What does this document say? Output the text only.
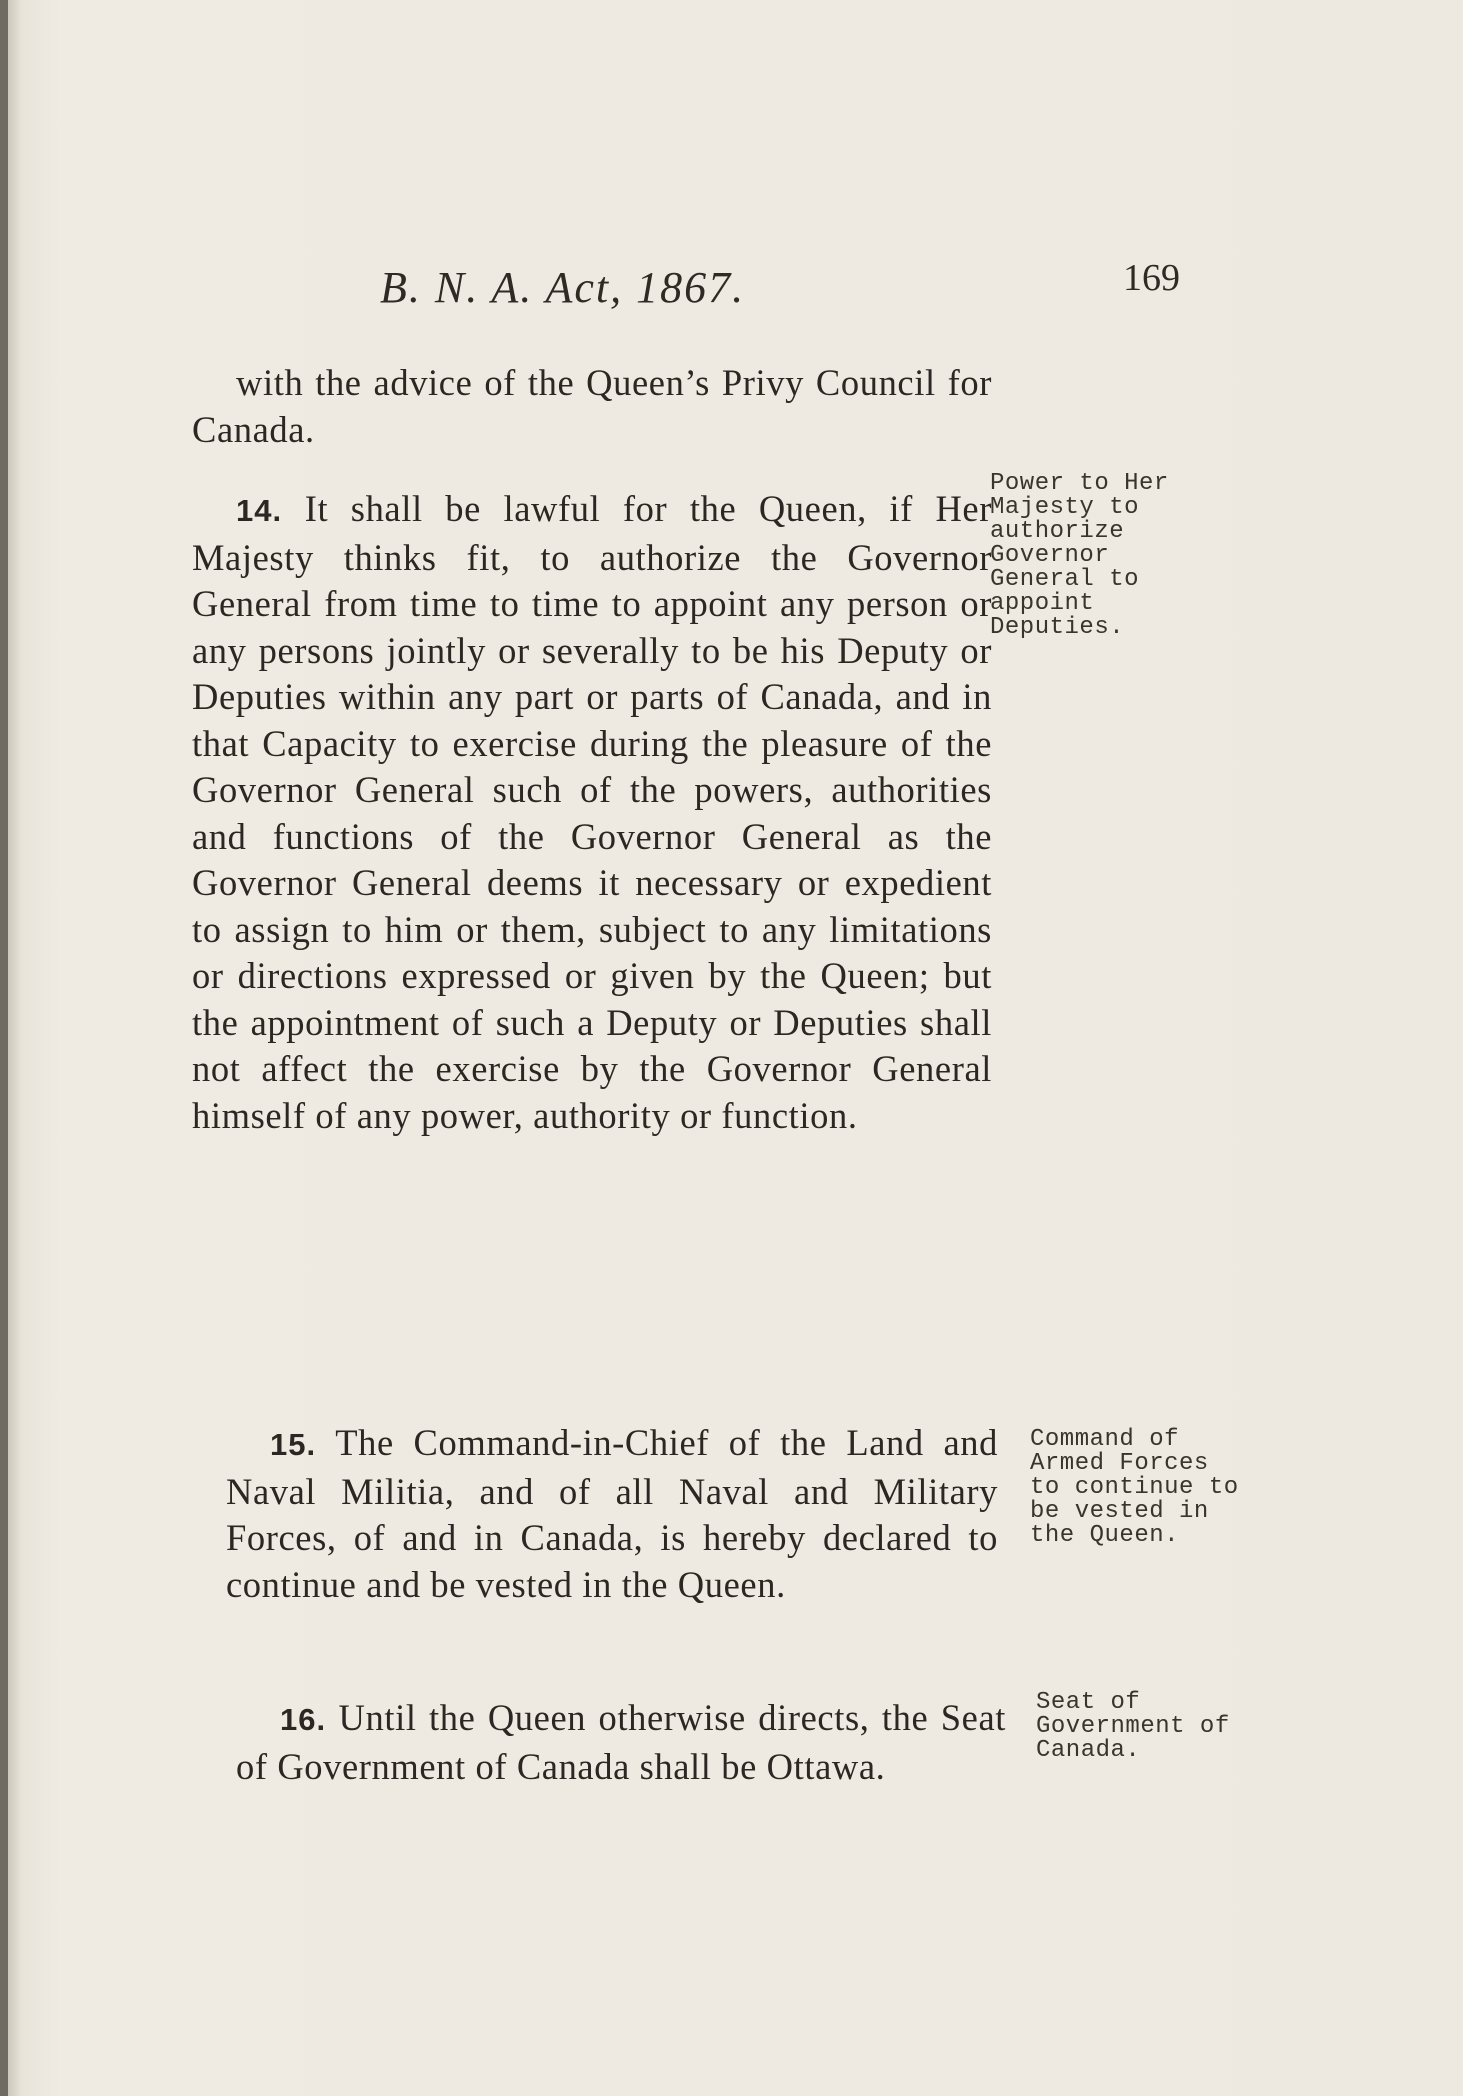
B. N. A. Act, 1867.	169

with the advice of the Queen’s Privy Council for Canada.

14. It shall be lawful for the Queen, if Her Majesty thinks fit, to authorize the Governor General from time to time to appoint any person or any persons jointly or severally to be his Deputy or Deputies within any part or parts of Canada, and in that Capacity to exercise during the pleasure of the Governor General such of the powers, authorities and functions of the Governor General as the Governor General deems it necessary or expedient to assign to him or them, subject to any limitations or directions expressed or given by the Queen; but the appointment of such a Deputy or Deputies shall not affect the exercise by the Governor General himself of any power, authority or function.

15. The Command-in-Chief of the Land and Naval Militia, and of all Naval and Military Forces, of and in Canada, is hereby declared to continue and be vested in the Queen.

16. Until the Queen otherwise directs, the Seat of Government of Canada shall be Ottawa.

Power to Her Majesty to authorize Governor General to appoint Deputies.
Command of Armed Forces to continue to be vested in the Queen.
Seat of Government of Canada.
